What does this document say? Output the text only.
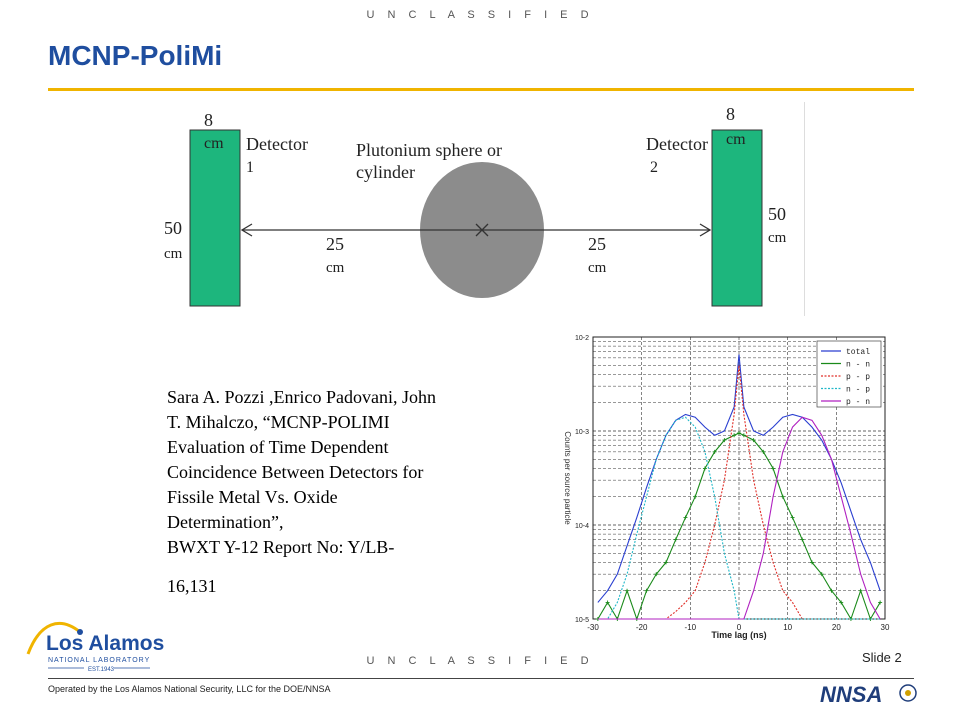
U N C L A S S I F I E D
MCNP-PoliMi
8
cm
8
cm
Detector
1
Detector
2
Plutonium sphere or
cylinder
50
cm
50
cm
25
cm
25
cm
Sara A. Pozzi ,Enrico Padovani, John
T. Mihalczo, “MCNP-POLIMI
Evaluation of Time Dependent
Coincidence Between Detectors for
Fissile Metal Vs. Oxide
Determination”,
BWXT Y-12 Report No: Y/LB-
16,131
-30	-20	-10	0	10	20	30
10-2
10-3
10-4
10-5
Time lag (ns)
Counts per source particle
total
n - n
p - p
n - p
p - n
Los Alamos
NATIONAL LABORATORY
EST.1943
U N C L A S S I F I E D	Slide 2
Operated by the Los Alamos National Security, LLC for the DOE/NNSA	NNSA
